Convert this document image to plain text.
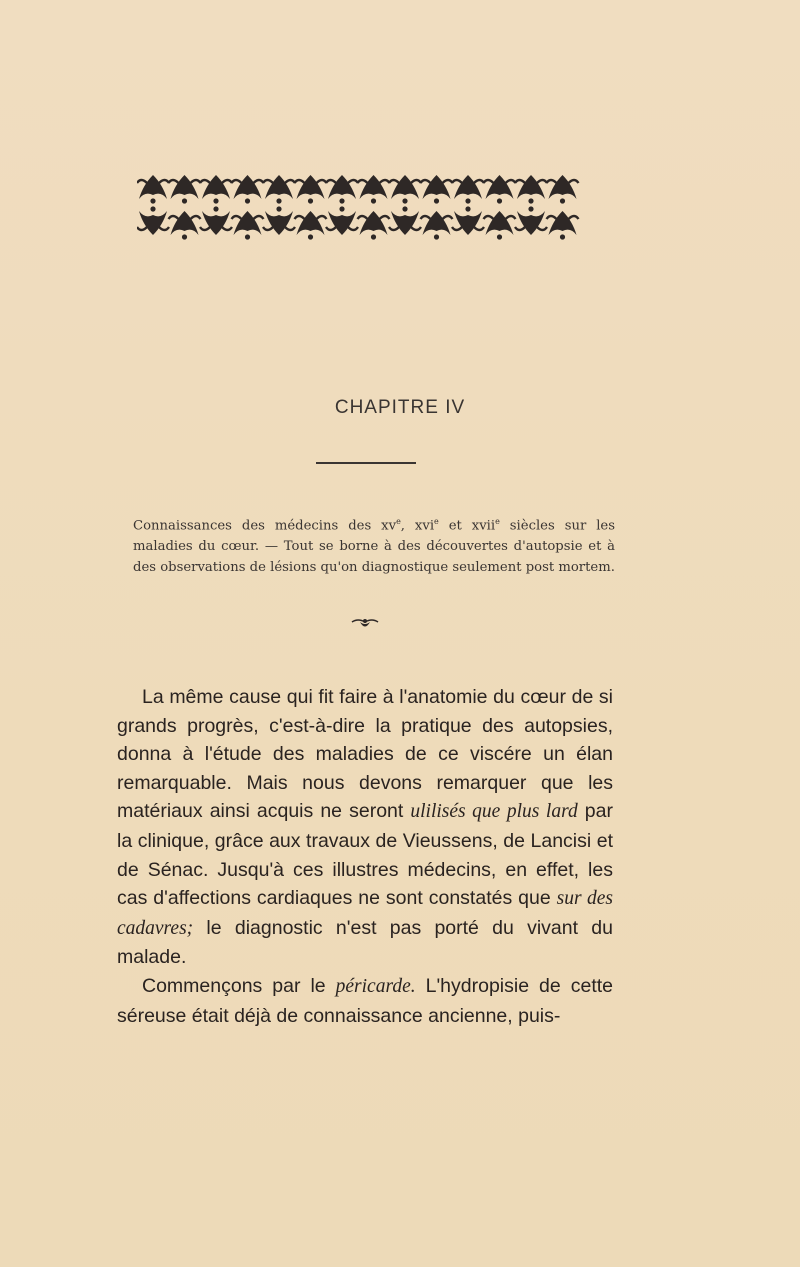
CHAPITRE IV
Connaissances des médecins des $xv^e$, xvi$^e$ et xvii$^e$ siècles sur les maladies du cœur. — Tout se borne à des découvertes d'autopsie et à des observations de lésions qu'on diagnostique seulement post mortem.

La même cause qui fit faire à l'anatomie du cœur de si grands progrès, c'est-à-dire la pratique des autopsies, donna à l'étude des maladies de ce viscére un élan remarquable. Mais nous devons remarquer que les matériaux ainsi acquis ne seront ulilisés que plus lard par la clinique, grâce aux travaux de Vieussens, de Lancisi et de Sénac. Jusqu'à ces illustres médecins, en effet, les cas d'affections cardiaques ne sont constatés que sur des cadavres; le diagnostic n'est pas porté du vivant du malade.

Commençons par le péricarde. L'hydropisie de cette séreuse était déjà de connaissance ancienne, puis-
